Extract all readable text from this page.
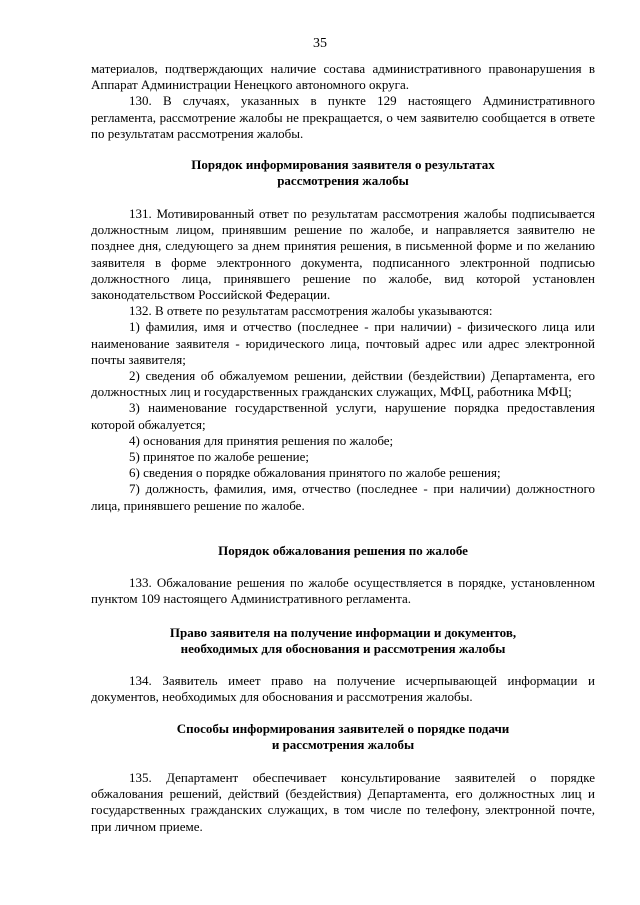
35

материалов, подтверждающих наличие состава административного правонарушения в Аппарат Администрации Ненецкого автономного округа.

130. В случаях, указанных в пункте 129 настоящего Административного регламента, рассмотрение жалобы не прекращается, о чем заявителю сообщается в ответе по результатам рассмотрения жалобы.

Порядок информирования заявителя о результатах

рассмотрения жалобы

131. Мотивированный ответ по результатам рассмотрения жалобы подписывается должностным лицом, принявшим решение по жалобе, и направляется заявителю не позднее дня, следующего за днем принятия решения, в письменной форме и по желанию заявителя в форме электронного документа, подписанного электронной подписью должностного лица, принявшего решение по жалобе, вид которой установлен законодательством Российской Федерации.

132. В ответе по результатам рассмотрения жалобы указываются:

1) фамилия, имя и отчество (последнее - при наличии) - физического лица или наименование заявителя - юридического лица, почтовый адрес или адрес электронной почты заявителя;

2) сведения об обжалуемом решении, действии (бездействии) Департамента, его должностных лиц и государственных гражданских служащих, МФЦ, работника МФЦ;

3) наименование государственной услуги, нарушение порядка предоставления которой обжалуется;

4) основания для принятия решения по жалобе;

5) принятое по жалобе решение;

6) сведения о порядке обжалования принятого по жалобе решения;

7) должность, фамилия, имя, отчество (последнее - при наличии) должностного лица, принявшего решение по жалобе.

Порядок обжалования решения по жалобе

133. Обжалование решения по жалобе осуществляется в порядке, установленном пунктом 109 настоящего Административного регламента.

Право заявителя на получение информации и документов,

необходимых для обоснования и рассмотрения жалобы

134. Заявитель имеет право на получение исчерпывающей информации и документов, необходимых для обоснования и рассмотрения жалобы.

Способы информирования заявителей о порядке подачи

и рассмотрения жалобы

135. Департамент обеспечивает консультирование заявителей о порядке обжалования решений, действий (бездействия) Департамента, его должностных лиц и государственных гражданских служащих, в том числе по телефону, электронной почте, при личном приеме.
